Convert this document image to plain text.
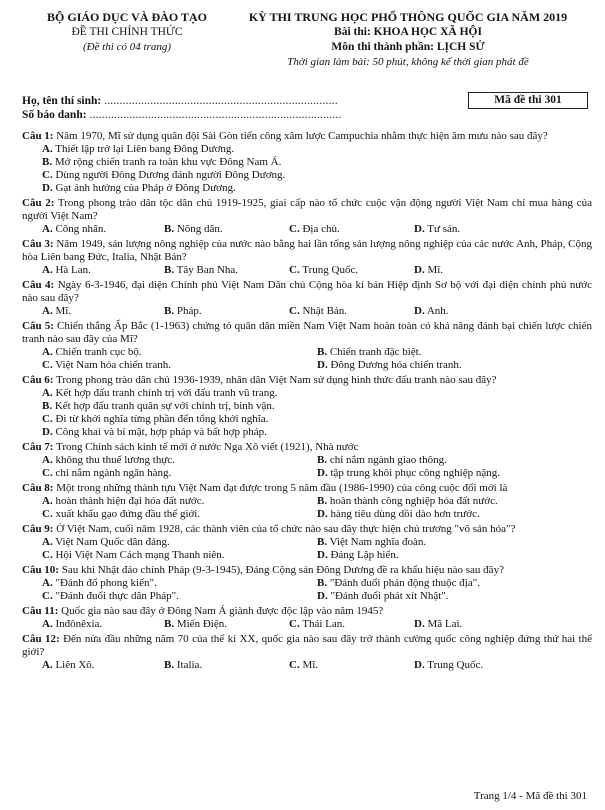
BỘ GIÁO DỤC VÀ ĐÀO TẠO
ĐỀ THI CHÍNH THỨC
(Đề thi có 04 trang)
KỲ THI TRUNG HỌC PHỔ THÔNG QUỐC GIA NĂM 2019
Bài thi: KHOA HỌC XÃ HỘI
Môn thi thành phần: LỊCH SỬ
Thời gian làm bài: 50 phút, không kể thời gian phát đề
Họ, tên thí sinh: ............................................................................
Số báo danh: ..................................................................................
Mã đề thi 301
Câu 1: Năm 1970, Mĩ sử dụng quân đội Sài Gòn tiến công xâm lược Campuchia nhằm thực hiện âm mưu nào sau đây?
A. Thiết lập trở lại Liên bang Đông Dương.
B. Mở rộng chiến tranh ra toàn khu vực Đông Nam Á.
C. Dùng người Đông Dương đánh người Đông Dương.
D. Gạt ảnh hưởng của Pháp ở Đông Dương.
Câu 2: Trong phong trào dân tộc dân chủ 1919-1925, giai cấp nào tổ chức cuộc vận động người Việt Nam chỉ mua hàng của người Việt Nam?
A. Công nhân.	B. Nông dân.	C. Địa chủ.	D. Tư sản.
Câu 3: Năm 1949, sản lượng nông nghiệp của nước nào bằng hai lần tổng sản lượng nông nghiệp của các nước Anh, Pháp, Cộng hòa Liên bang Đức, Italia, Nhật Bản?
A. Hà Lan.	B. Tây Ban Nha.	C. Trung Quốc.	D. Mĩ.
Câu 4: Ngày 6-3-1946, đại diện Chính phủ Việt Nam Dân chủ Cộng hòa kí bản Hiệp định Sơ bộ với đại diện chính phủ nước nào sau đây?
A. Mĩ.	B. Pháp.	C. Nhật Bản.	D. Anh.
Câu 5: Chiến thắng Ấp Bắc (1-1963) chứng tỏ quân dân miền Nam Việt Nam hoàn toàn có khả năng đánh bại chiến lược chiến tranh nào sau đây của Mĩ?
A. Chiến tranh cục bộ.	B. Chiến tranh đặc biệt.
C. Việt Nam hóa chiến tranh.	D. Đông Dương hóa chiến tranh.
Câu 6: Trong phong trào dân chủ 1936-1939, nhân dân Việt Nam sử dụng hình thức đấu tranh nào sau đây?
A. Kết hợp đấu tranh chính trị với đấu tranh vũ trang.
B. Kết hợp đấu tranh quân sự với chính trị, binh vận.
C. Đi từ khởi nghĩa từng phần đến tổng khởi nghĩa.
D. Công khai và bí mật, hợp pháp và bất hợp pháp.
Câu 7: Trong Chính sách kinh tế mới ở nước Nga Xô viết (1921), Nhà nước
A. không thu thuế lương thực.	B. chỉ nắm ngành giao thông.
C. chỉ nắm ngành ngân hàng.	D. tập trung khôi phục công nghiệp nặng.
Câu 8: Một trong những thành tựu Việt Nam đạt được trong 5 năm đầu (1986-1990) của công cuộc đổi mới là
A. hoàn thành hiện đại hóa đất nước.	B. hoàn thành công nghiệp hóa đất nước.
C. xuất khẩu gạo đứng đầu thế giới.	D. hàng tiêu dùng dồi dào hơn trước.
Câu 9: Ở Việt Nam, cuối năm 1928, các thành viên của tổ chức nào sau đây thực hiện chủ trương "vô sản hóa"?
A. Việt Nam Quốc dân đảng.	B. Việt Nam nghĩa đoàn.
C. Hội Việt Nam Cách mạng Thanh niên.	D. Đảng Lập hiến.
Câu 10: Sau khi Nhật đảo chính Pháp (9-3-1945), Đảng Cộng sản Đông Dương đề ra khẩu hiệu nào sau đây?
A. "Đánh đổ phong kiến".	B. "Đánh đuổi phản động thuộc địa".
C. "Đánh đuổi thực dân Pháp".	D. "Đánh đuổi phát xít Nhật".
Câu 11: Quốc gia nào sau đây ở Đông Nam Á giành được độc lập vào năm 1945?
A. Inđônêxia.	B. Miến Điện.	C. Thái Lan.	D. Mã Lai.
Câu 12: Đến nửa đầu những năm 70 của thế kỉ XX, quốc gia nào sau đây trở thành cường quốc công nghiệp đứng thứ hai thế giới?
A. Liên Xô.	B. Italia.	C. Mĩ.	D. Trung Quốc.
Trang 1/4 - Mã đề thi 301
